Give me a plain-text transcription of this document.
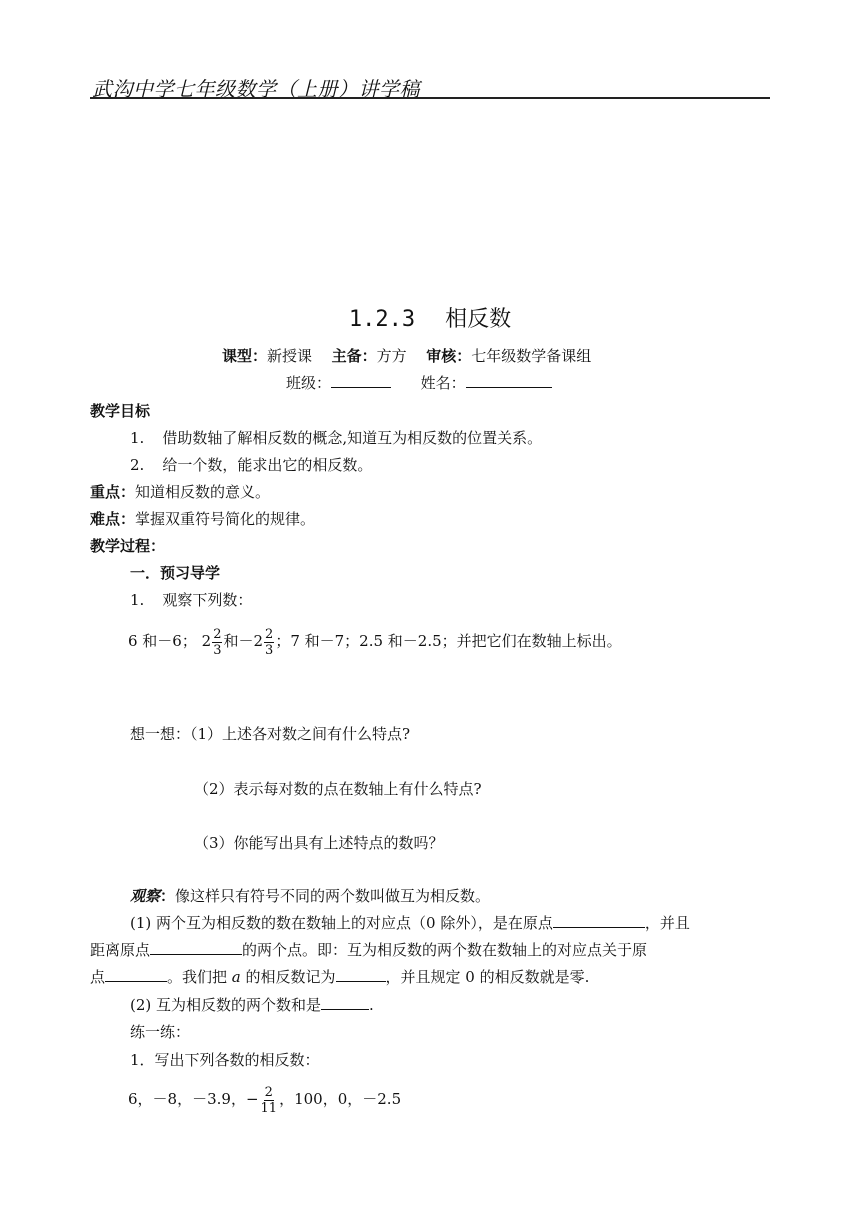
武沟中学七年级数学（上册）讲学稿
1.2.3 相反数
课型：新授课 主备：方方 审核：七年级数学备课组
班级：	姓名：
教学目标
1. 借助数轴了解相反数的概念,知道互为相反数的位置关系。
2. 给一个数，能求出它的相反数。
重点：知道相反数的意义。
难点：掌握双重符号简化的规律。
教学过程：
一．预习导学
1. 观察下列数：
6 和－6； $2 \frac{2}{3}$ 和$-2 \frac{2}{3}$ ；7 和－7；2.5 和－2.5；并把它们在数轴上标出。
想一想：（1）上述各对数之间有什么特点?
（2）表示每对数的点在数轴上有什么特点?
（3）你能写出具有上述特点的数吗？
观察：像这样只有符号不同的两个数叫做互为相反数。
(1) 两个互为相反数的数在数轴上的对应点（0 除外），是在原点	，并且
距离原点	的两个点。即：互为相反数的两个数在数轴上的对应点关于原
点	。我们把 a 的相反数记为	，并且规定 0 的相反数就是零.
(2) 互为相反数的两个数和是	.
练一练：
1．写出下列各数的相反数：
6，－8，－3.9，− $\frac{2}{11}$ ，100，0，－2.5
